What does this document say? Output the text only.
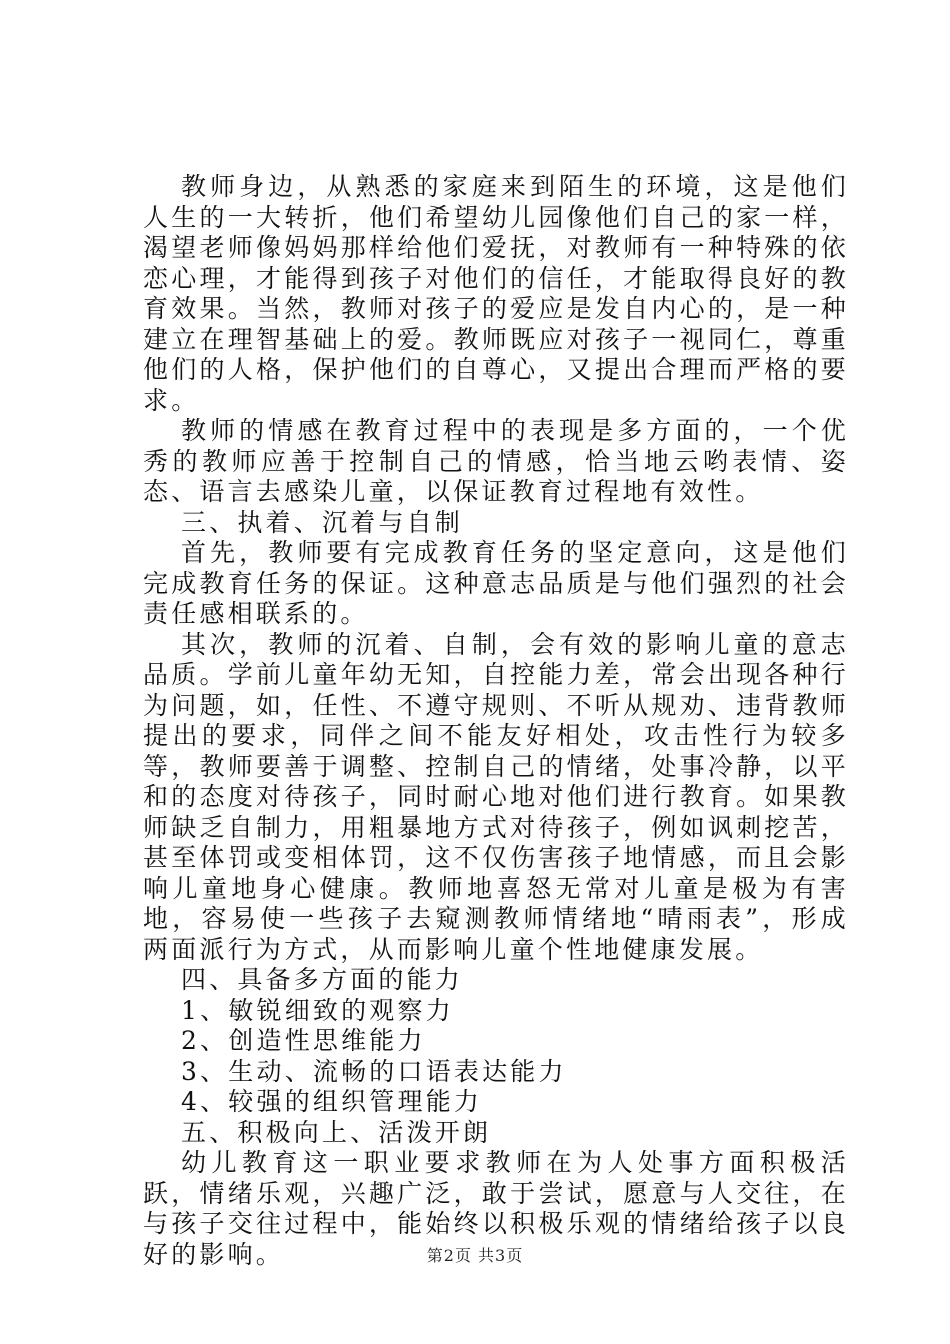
教师身边，从熟悉的家庭来到陌生的环境，这是他们人生的一大转折，他们希望幼儿园像他们自己的家一样，渴望老师像妈妈那样给他们爱抚，对教师有一种特殊的依恋心理，才能得到孩子对他们的信任，才能取得良好的教育效果。当然，教师对孩子的爱应是发自内心的，是一种建立在理智基础上的爱。教师既应对孩子一视同仁，尊重他们的人格，保护他们的自尊心，又提出合理而严格的要求。

教师的情感在教育过程中的表现是多方面的，一个优秀的教师应善于控制自己的情感，恰当地云哟表情、姿态、语言去感染儿童，以保证教育过程地有效性。

三、执着、沉着与自制

首先，教师要有完成教育任务的坚定意向，这是他们完成教育任务的保证。这种意志品质是与他们强烈的社会责任感相联系的。

其次，教师的沉着、自制，会有效的影响儿童的意志品质。学前儿童年幼无知，自控能力差，常会出现各种行为问题，如，任性、不遵守规则、不听从规劝、违背教师提出的要求，同伴之间不能友好相处，攻击性行为较多等，教师要善于调整、控制自己的情绪，处事冷静，以平和的态度对待孩子，同时耐心地对他们进行教育。如果教师缺乏自制力，用粗暴地方式对待孩子，例如讽刺挖苦，甚至体罚或变相体罚，这不仅伤害孩子地情感，而且会影响儿童地身心健康。教师地喜怒无常对儿童是极为有害地，容易使一些孩子去窥测教师情绪地“晴雨表”，形成两面派行为方式，从而影响儿童个性地健康发展。

四、具备多方面的能力

1、敏锐细致的观察力

2、创造性思维能力

3、生动、流畅的口语表达能力

4、较强的组织管理能力

五、积极向上、活泼开朗

幼儿教育这一职业要求教师在为人处事方面积极活跃，情绪乐观，兴趣广泛，敢于尝试，愿意与人交往，在与孩子交往过程中，能始终以积极乐观的情绪给孩子以良好的影响。	第2页 共3页
